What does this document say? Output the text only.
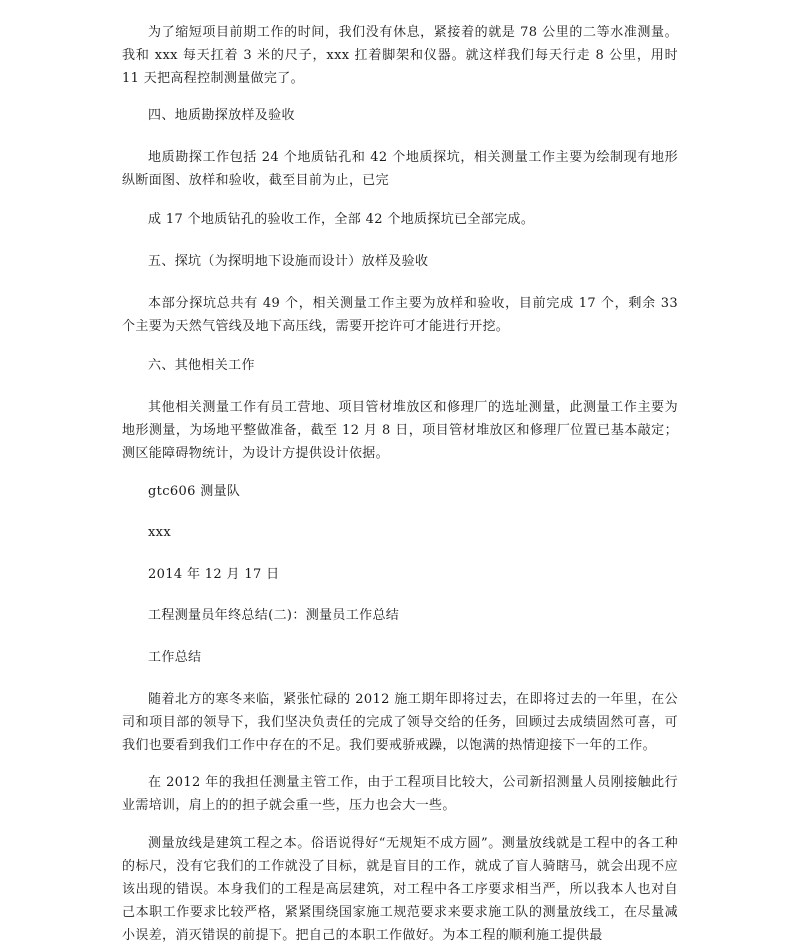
为了缩短项目前期工作的时间，我们没有休息，紧接着的就是 78 公里的二等水准测量。我和 xxx 每天扛着 3 米的尺子，xxx 扛着脚架和仪器。就这样我们每天行走 8 公里，用时 11 天把高程控制测量做完了。

四、地质勘探放样及验收

地质勘探工作包括 24 个地质钻孔和 42 个地质探坑，相关测量工作主要为绘制现有地形纵断面图、放样和验收，截至目前为止，已完

成 17 个地质钻孔的验收工作，全部 42 个地质探坑已全部完成。

五、探坑（为探明地下设施而设计）放样及验收

本部分探坑总共有 49 个，相关测量工作主要为放样和验收，目前完成 17 个，剩余 33 个主要为天然气管线及地下高压线，需要开挖许可才能进行开挖。

六、其他相关工作

其他相关测量工作有员工营地、项目管材堆放区和修理厂的选址测量，此测量工作主要为地形测量，为场地平整做准备，截至 12 月 8 日，项目管材堆放区和修理厂位置已基本敲定；测区能障碍物统计，为设计方提供设计依据。

gtc606 测量队

xxx

2014 年 12 月 17 日

工程测量员年终总结(二)：测量员工作总结

工作总结

随着北方的寒冬来临，紧张忙碌的 2012 施工期年即将过去，在即将过去的一年里，在公司和项目部的领导下，我们坚决负责任的完成了领导交给的任务，回顾过去成绩固然可喜，可我们也要看到我们工作中存在的不足。我们要戒骄戒躁，以饱满的热情迎接下一年的工作。

在 2012 年的我担任测量主管工作，由于工程项目比较大，公司新招测量人员刚接触此行业需培训，肩上的的担子就会重一些，压力也会大一些。

测量放线是建筑工程之本。俗语说得好“无规矩不成方圆”。测量放线就是工程中的各工种的标尺，没有它我们的工作就没了目标，就是盲目的工作，就成了盲人骑瞎马，就会出现不应该出现的错误。本身我们的工程是高层建筑，对工程中各工序要求相当严，所以我本人也对自己本职工作要求比较严格，紧紧围绕国家施工规范要求来要求施工队的测量放线工，在尽量减小误差，消灭错误的前提下。把自己的本职工作做好。为本工程的顺利施工提供最
